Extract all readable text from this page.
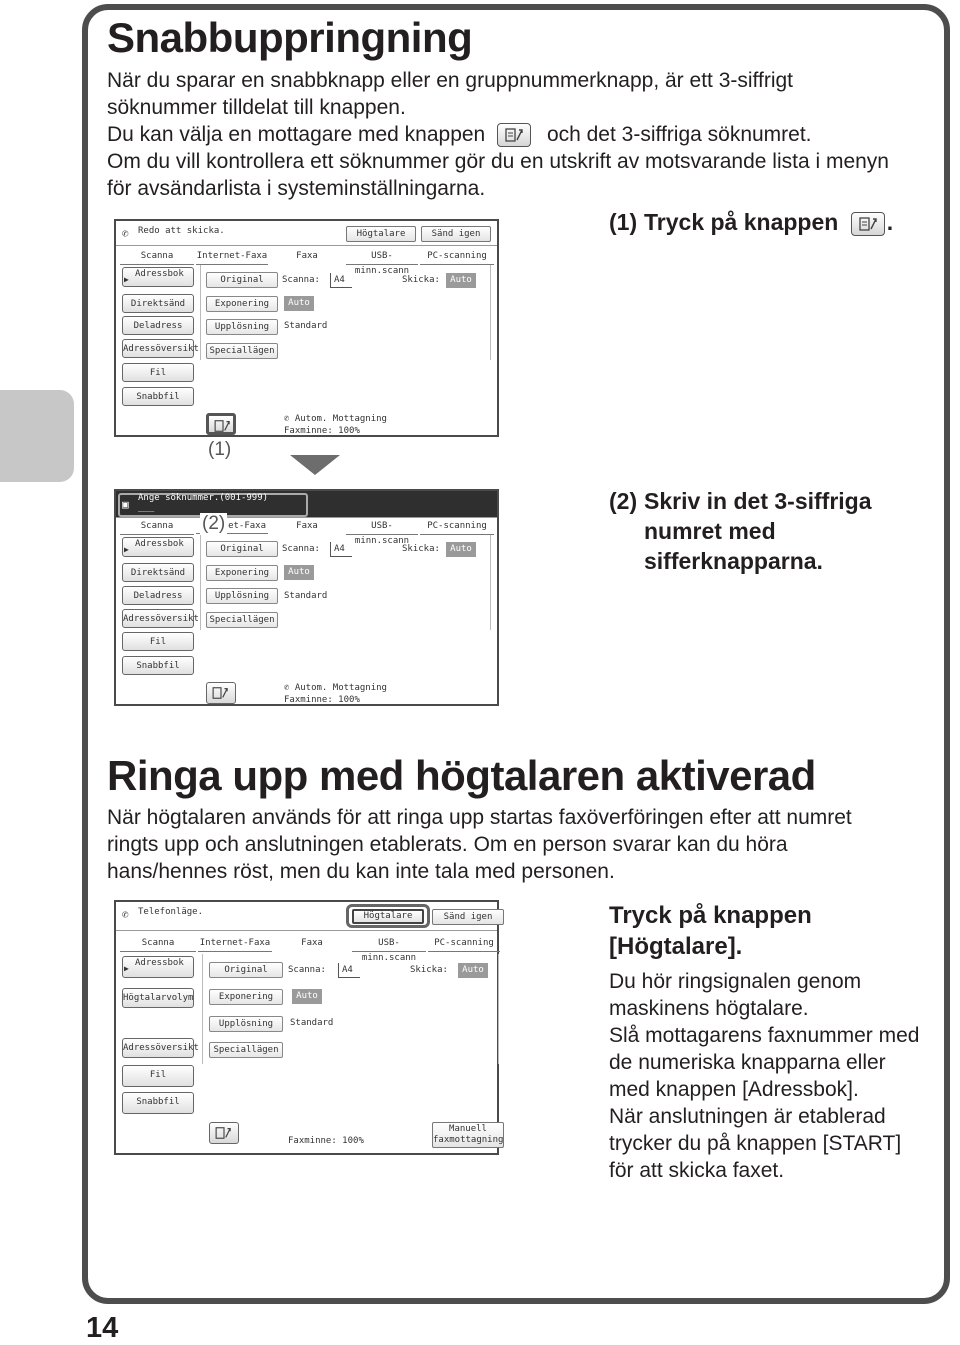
Snabbuppringning

När du sparar en snabbknapp eller en gruppnummerknapp, är ett 3-siffrigt

söknummer tilldelat till knappen.

Du kan välja en mottagare med knappen	och det 3-siffriga söknumret.

Om du vill kontrollera ett söknummer gör du en utskrift av motsvarande lista i menyn

för avsändarlista i systeminställningarna.

(1) Tryck på knappen .
✆ Redo att skicka.	Högtalare	Sänd igen
Scanna	Internet-Faxa	Faxa	USB-minn.scann
PC-scanning
▶ Adressbok
Direktsänd
Deladress
Adressöversikt
Fil
Snabbfil
Original	Scanna:	A4	Skicka:	Auto
Exponering	Auto
Upplösning	Standard
Speciallägen
✆ Autom. Mottagning
Faxminne: 100%
(1)
(2) Skriv in det 3-siffriga numret med sifferknapparna.
▣ Ange söknummer.(001-999)
___
Scanna	et-Faxa	Faxa	USB-minn.scann
PC-scanning
(2)
▶ Adressbok
Direktsänd
Deladress
Adressöversikt
Fil
Snabbfil
Original	Scanna:	A4	Skicka:	Auto
Exponering	Auto
Upplösning	Standard
Speciallägen
✆ Autom. Mottagning
Faxminne: 100%
Ringa upp med högtalaren aktiverad

När högtalaren används för att ringa upp startas faxöverföringen efter att numret

ringts upp och anslutningen etablerats. Om en person svarar kan du höra

hans/hennes röst, men du kan inte tala med personen.

✆ Telefonläge.	Högtalare	Sänd igen
Scanna	Internet-Faxa	Faxa	USB-minn.scann
PC-scanning
▶ Adressbok
Högtalarvolym
Adressöversikt
Fil
Snabbfil
Original	Scanna:	A4	Skicka:	Auto
Exponering	Auto
Upplösning	Standard
Speciallägen
Faxminne: 100%
Manuell
faxmottagning
Tryck på knappen [Högtalare].

Du hör ringsignalen genom maskinens högtalare.

Slå mottagarens faxnummer med de numeriska knapparna eller med knappen [Adressbok].

När anslutningen är etablerad trycker du på knappen [START] för att skicka faxet.

14
